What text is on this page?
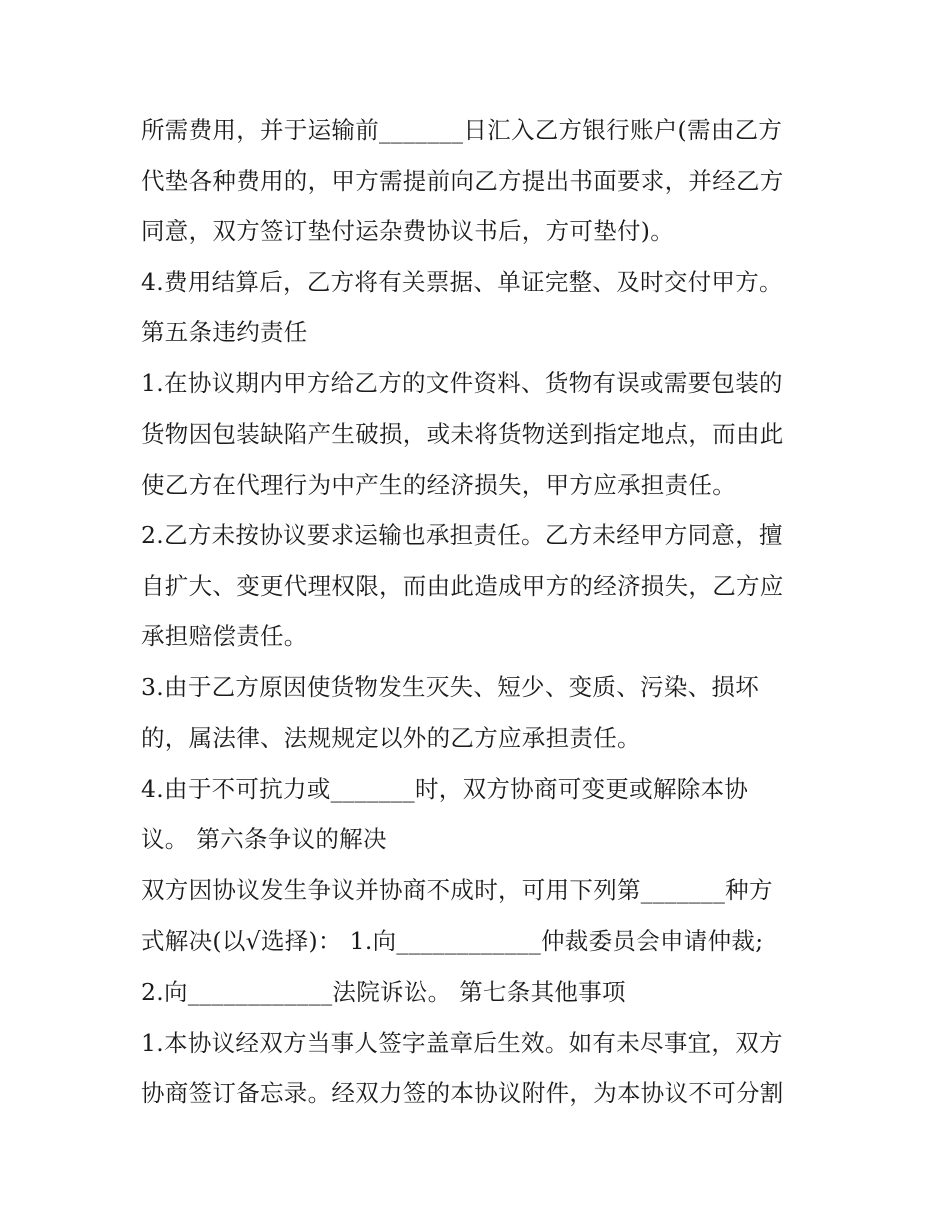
所需费用，并于运输前_______日汇入乙方银行账户(需由乙方
代垫各种费用的，甲方需提前向乙方提出书面要求，并经乙方
同意，双方签订垫付运杂费协议书后，方可垫付)。
4.费用结算后，乙方将有关票据、单证完整、及时交付甲方。
第五条违约责任
1.在协议期内甲方给乙方的文件资料、货物有误或需要包装的
货物因包装缺陷产生破损，或未将货物送到指定地点，而由此
使乙方在代理行为中产生的经济损失，甲方应承担责任。
2.乙方未按协议要求运输也承担责任。乙方未经甲方同意，擅
自扩大、变更代理权限，而由此造成甲方的经济损失，乙方应
承担赔偿责任。
3.由于乙方原因使货物发生灭失、短少、变质、污染、损坏
的，属法律、法规规定以外的乙方应承担责任。
4.由于不可抗力或_______时，双方协商可变更或解除本协
议。 第六条争议的解决
双方因协议发生争议并协商不成时，可用下列第_______种方
式解决(以√选择)： 1.向____________仲裁委员会申请仲裁;
2.向____________法院诉讼。 第七条其他事项
1.本协议经双方当事人签字盖章后生效。如有未尽事宜，双方
协商签订备忘录。经双力签的本协议附件，为本协议不可分割
